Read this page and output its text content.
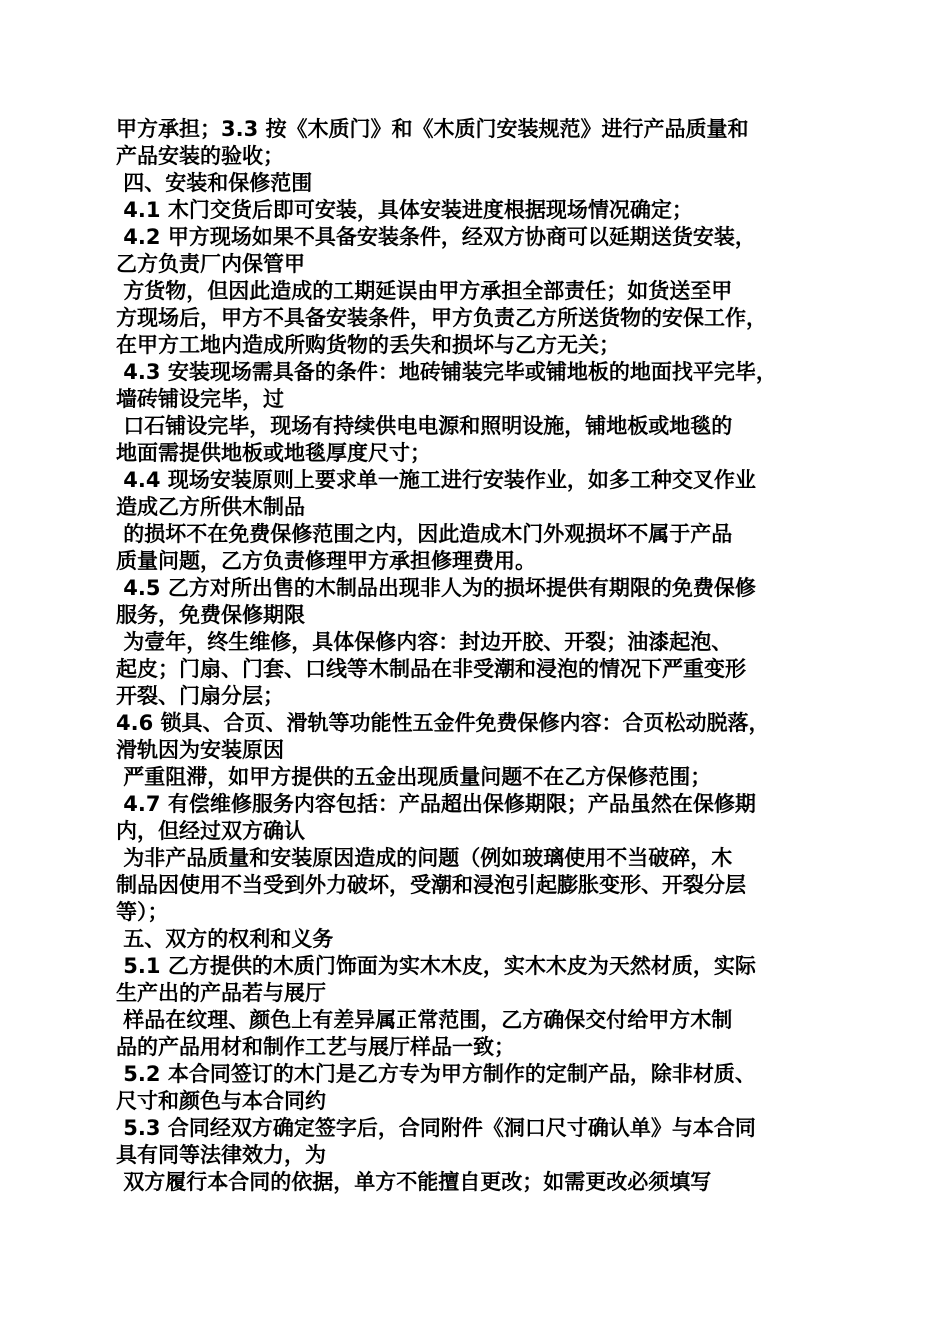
甲方承担；3.3 按《木质门》和《木质门安装规范》进行产品质量和
产品安装的验收；
四、安装和保修范围
4.1 木门交货后即可安装，具体安装进度根据现场情况确定；
4.2 甲方现场如果不具备安装条件，经双方协商可以延期送货安装，
乙方负责厂内保管甲
方货物，但因此造成的工期延误由甲方承担全部责任；如货送至甲
方现场后，甲方不具备安装条件，甲方负责乙方所送货物的安保工作，
在甲方工地内造成所购货物的丢失和损坏与乙方无关；
4.3 安装现场需具备的条件：地砖铺装完毕或铺地板的地面找平完毕，
墙砖铺设完毕，过
口石铺设完毕，现场有持续供电电源和照明设施，铺地板或地毯的
地面需提供地板或地毯厚度尺寸；
4.4 现场安装原则上要求单一施工进行安装作业，如多工种交叉作业
造成乙方所供木制品
的损坏不在免费保修范围之内，因此造成木门外观损坏不属于产品
质量问题，乙方负责修理甲方承担修理费用。
4.5 乙方对所出售的木制品出现非人为的损坏提供有期限的免费保修
服务，免费保修期限
为壹年，终生维修，具体保修内容：封边开胶、开裂；油漆起泡、
起皮；门扇、门套、口线等木制品在非受潮和浸泡的情况下严重变形
开裂、门扇分层；
4.6 锁具、合页、滑轨等功能性五金件免费保修内容：合页松动脱落，
滑轨因为安装原因
严重阻滞，如甲方提供的五金出现质量问题不在乙方保修范围；
4.7 有偿维修服务内容包括：产品超出保修期限；产品虽然在保修期
内，但经过双方确认
为非产品质量和安装原因造成的问题（例如玻璃使用不当破碎，木
制品因使用不当受到外力破坏，受潮和浸泡引起膨胀变形、开裂分层
等）；
五、双方的权利和义务
5.1 乙方提供的木质门饰面为实木木皮，实木木皮为天然材质，实际
生产出的产品若与展厅
样品在纹理、颜色上有差异属正常范围，乙方确保交付给甲方木制
品的产品用材和制作工艺与展厅样品一致；
5.2 本合同签订的木门是乙方专为甲方制作的定制产品，除非材质、
尺寸和颜色与本合同约
5.3 合同经双方确定签字后，合同附件《洞口尺寸确认单》与本合同
具有同等法律效力，为
双方履行本合同的依据，单方不能擅自更改；如需更改必须填写
